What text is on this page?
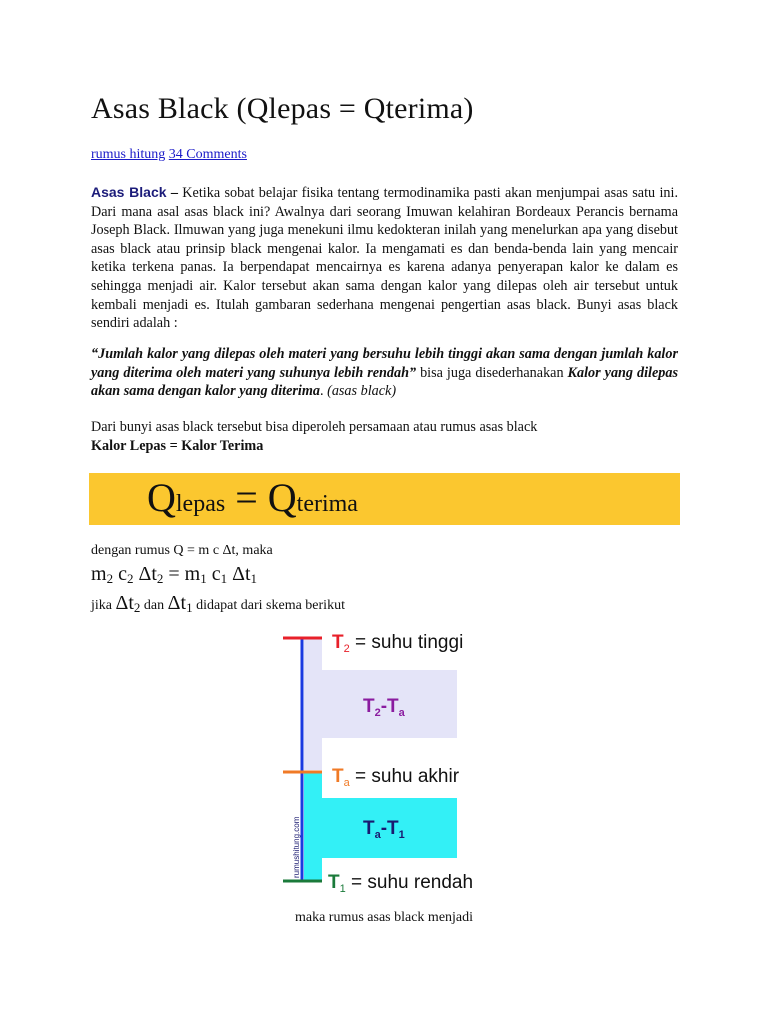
Asas Black (Qlepas = Qterima)
rumus hitung 34 Comments
Asas Black – Ketika sobat belajar fisika tentang termodinamika pasti akan menjumpai asas satu ini. Dari mana asal asas black ini? Awalnya dari seorang Imuwan kelahiran Bordeaux Perancis bernama Joseph Black. Ilmuwan yang juga menekuni ilmu kedokteran inilah yang menelurkan apa yang disebut asas black atau prinsip black mengenai kalor. Ia mengamati es dan benda-benda lain yang mencair ketika terkena panas. Ia berpendapat mencairnya es karena adanya penyerapan kalor ke dalam es sehingga menjadi air. Kalor tersebut akan sama dengan kalor yang dilepas oleh air tersebut untuk kembali menjadi es. Itulah gambaran sederhana mengenai pengertian asas black. Bunyi asas black sendiri adalah :
“Jumlah kalor yang dilepas oleh materi yang bersuhu lebih tinggi akan sama dengan jumlah kalor yang diterima oleh materi yang suhunya lebih rendah” bisa juga disederhanakan Kalor yang dilepas akan sama dengan kalor yang diterima. (asas black)
Dari bunyi asas black tersebut bisa diperoleh persamaan atau rumus asas black
Kalor Lepas = Kalor Terima
Qlepas = Qterima
dengan rumus Q = m c Δt, maka
m2 c2 Δt2 = m1 c1 Δt1
jika Δt2 dan Δt1 didapat dari skema berikut
rumushitung.com
$T_2$ = suhu tinggi
$T_2-T_a$
$T_a$ = suhu akhir
$T_a-T_1$
$T_1$ = suhu rendah
maka rumus asas black menjadi
